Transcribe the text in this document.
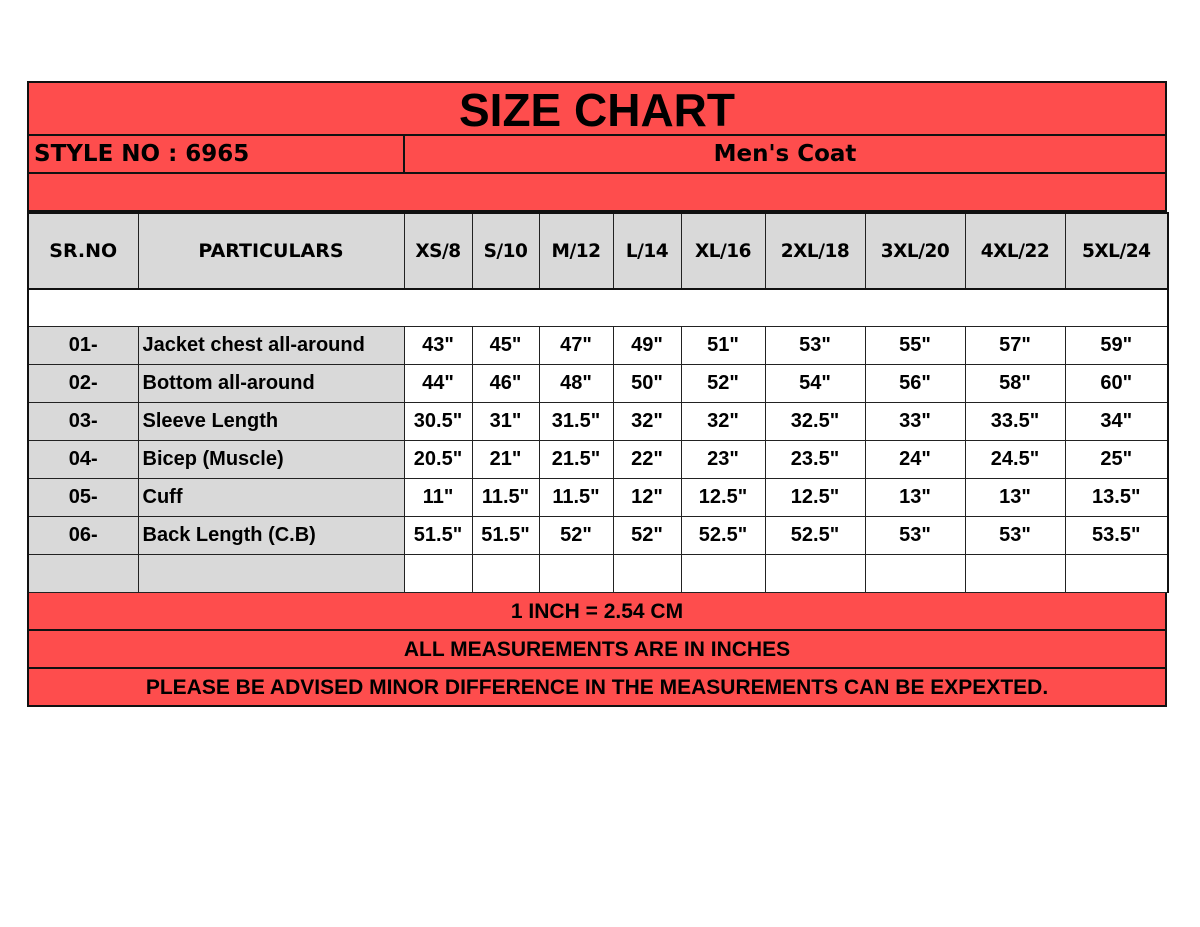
SIZE CHART
STYLE NO : 6965	Men's Coat
SR.NO	PARTICULARS	XS/8	S/10	M/12	L/14	XL/16	2XL/18	3XL/20	4XL/22	5XL/24

01-	Jacket chest all-around	43"	45"	47"	49"	51"	53"	55"	57"	59"
02-	Bottom all-around	44"	46"	48"	50"	52"	54"	56"	58"	60"
03-	Sleeve Length	30.5"	31"	31.5"	32"	32"	32.5"	33"	33.5"	34"
04-	Bicep (Muscle)	20.5"	21"	21.5"	22"	23"	23.5"	24"	24.5"	25"
05-	Cuff	11"	11.5"	11.5"	12"	12.5"	12.5"	13"	13"	13.5"
06-	Back Length (C.B)	51.5"	51.5"	52"	52"	52.5"	52.5"	53"	53"	53.5"

1 INCH = 2.54 CM
ALL MEASUREMENTS ARE IN INCHES
PLEASE BE ADVISED MINOR DIFFERENCE IN THE MEASUREMENTS CAN BE EXPEXTED.
